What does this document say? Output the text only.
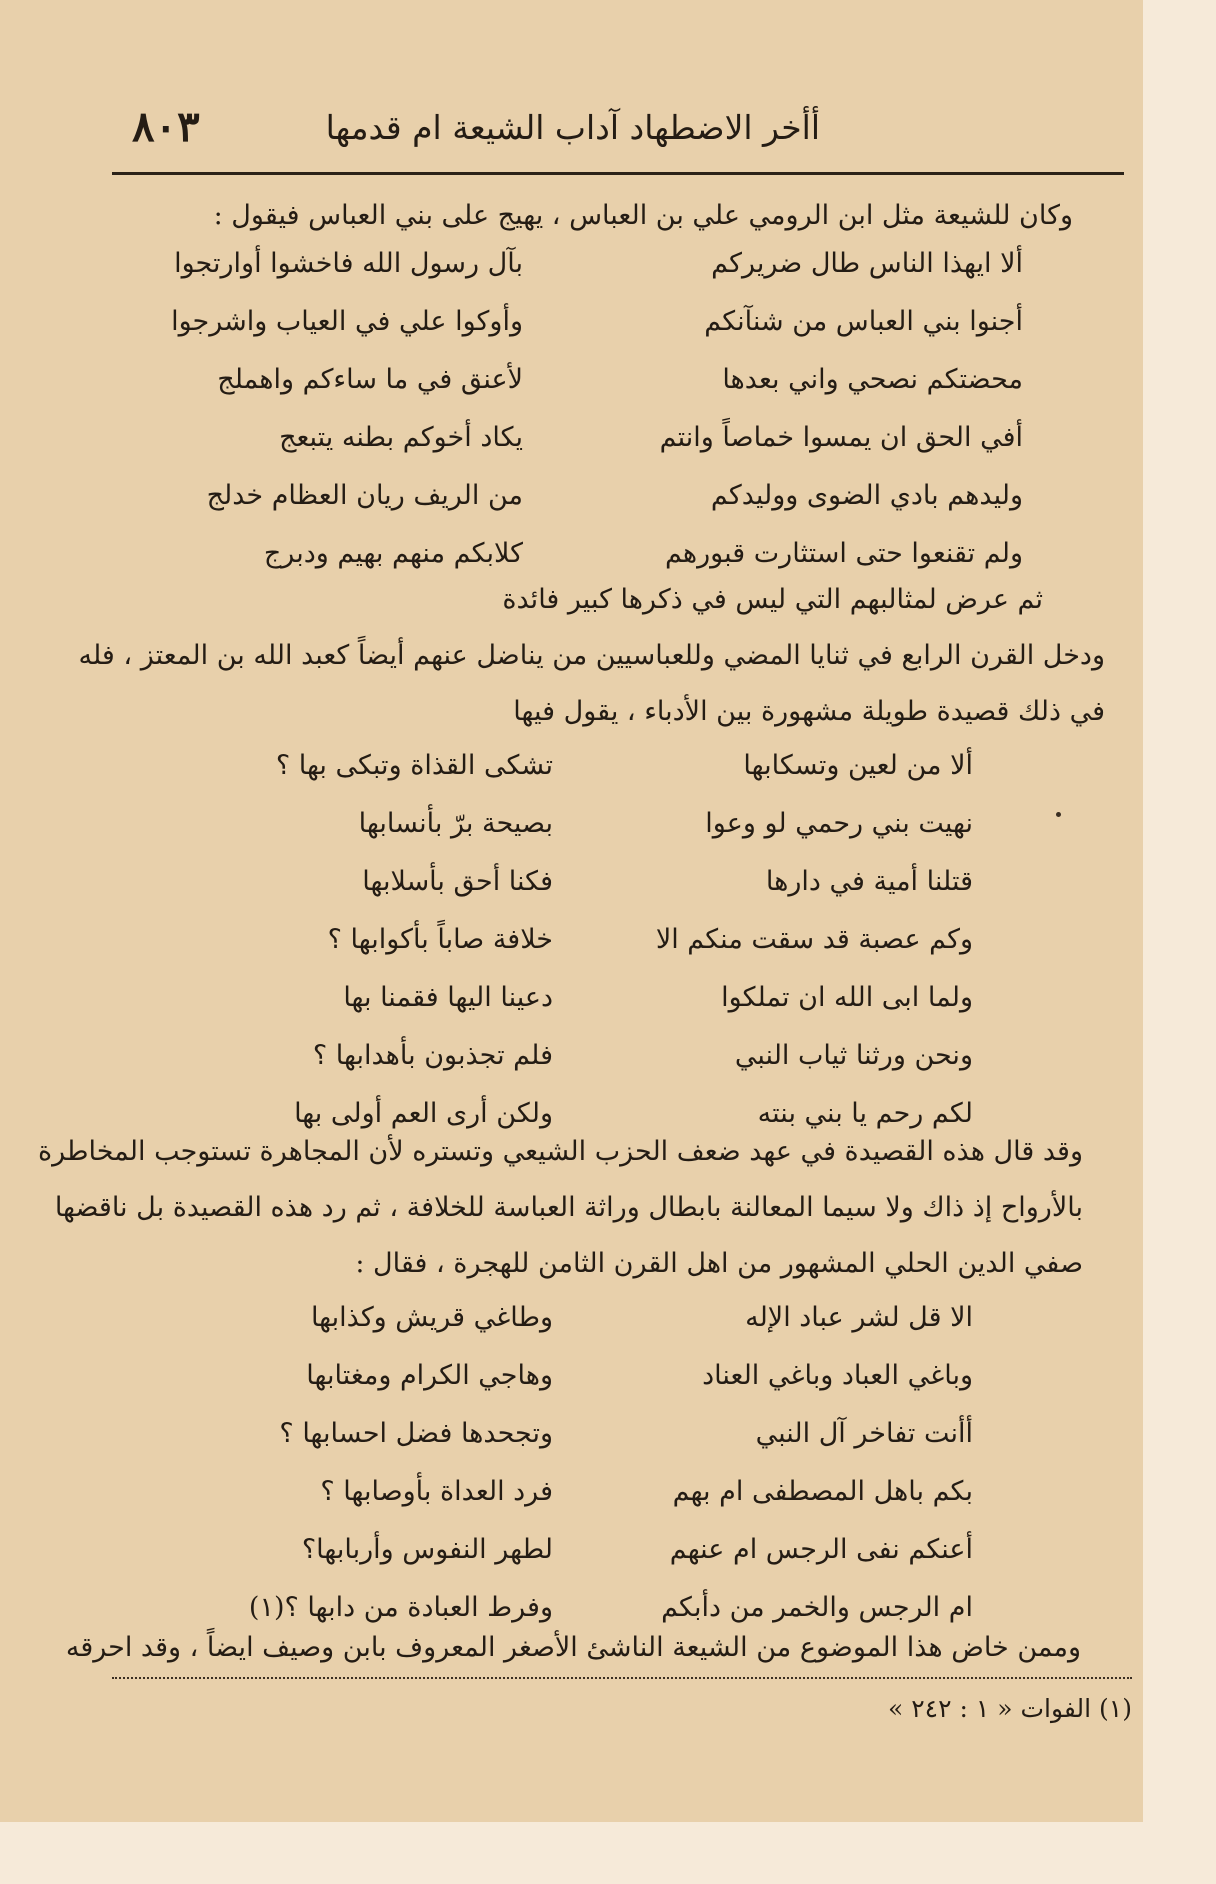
٨٠٣	أأخر الاضطهاد آداب الشيعة ام قدمها
وكان للشيعة مثل ابن الرومي علي بن العباس ، يهيج على بني العباس فيقول :
ألا ايهذا الناس طال ضريركم
بآل رسول الله فاخشوا أوارتجوا
أجنوا بني العباس من شنآنكم
وأوكوا علي في العياب واشرجوا
محضتكم نصحي واني بعدها
لأعنق في ما ساءكم واهملج
أفي الحق ان يمسوا خماصاً وانتم
يكاد أخوكم بطنه يتبعج
وليدهم بادي الضوى ووليدكم
من الريف ريان العظام خدلج
ولم تقنعوا حتى استثارت قبورهم
كلابكم منهم بهيم ودبرج
ثم عرض لمثالبهم التي ليس في ذكرها كبير فائدة
ودخل القرن الرابع في ثنايا المضي وللعباسيين من يناضل عنهم أيضاً كعبد الله بن المعتز ، فله
في ذلك قصيدة طويلة مشهورة بين الأدباء ، يقول فيها
ألا من لعين وتسكابها
تشكى القذاة وتبكى بها ؟
نهيت بني رحمي لو وعوا
بصيحة برّ بأنسابها
قتلنا أمية في دارها
فكنا أحق بأسلابها
وكم عصبة قد سقت منكم الا
خلافة صاباً بأكوابها ؟
ولما ابى الله ان تملكوا
دعينا اليها فقمنا بها
ونحن ورثنا ثياب النبي
فلم تجذبون بأهدابها ؟
لكم رحم يا بني بنته
ولكن أرى العم أولى بها
وقد قال هذه القصيدة في عهد ضعف الحزب الشيعي وتستره لأن المجاهرة تستوجب المخاطرة
بالأرواح إذ ذاك ولا سيما المعالنة بابطال وراثة العباسة للخلافة ، ثم رد هذه القصيدة بل ناقضها
صفي الدين الحلي المشهور من اهل القرن الثامن للهجرة ، فقال :
الا قل لشر عباد الإله
وطاغي قريش وكذابها
وباغي العباد وباغي العناد
وهاجي الكرام ومغتابها
أأنت تفاخر آل النبي
وتجحدها فضل احسابها ؟
بكم باهل المصطفى ام بهم
فرد العداة بأوصابها ؟
أعنكم نفى الرجس ام عنهم
لطهر النفوس وأربابها؟
ام الرجس والخمر من دأبكم
وفرط العبادة من دابها ؟(١)
وممن خاض هذا الموضوع من الشيعة الناشئ الأصغر المعروف بابن وصيف ايضاً ، وقد احرقه
(١) الفوات « ١ : ٢٤٢ »
